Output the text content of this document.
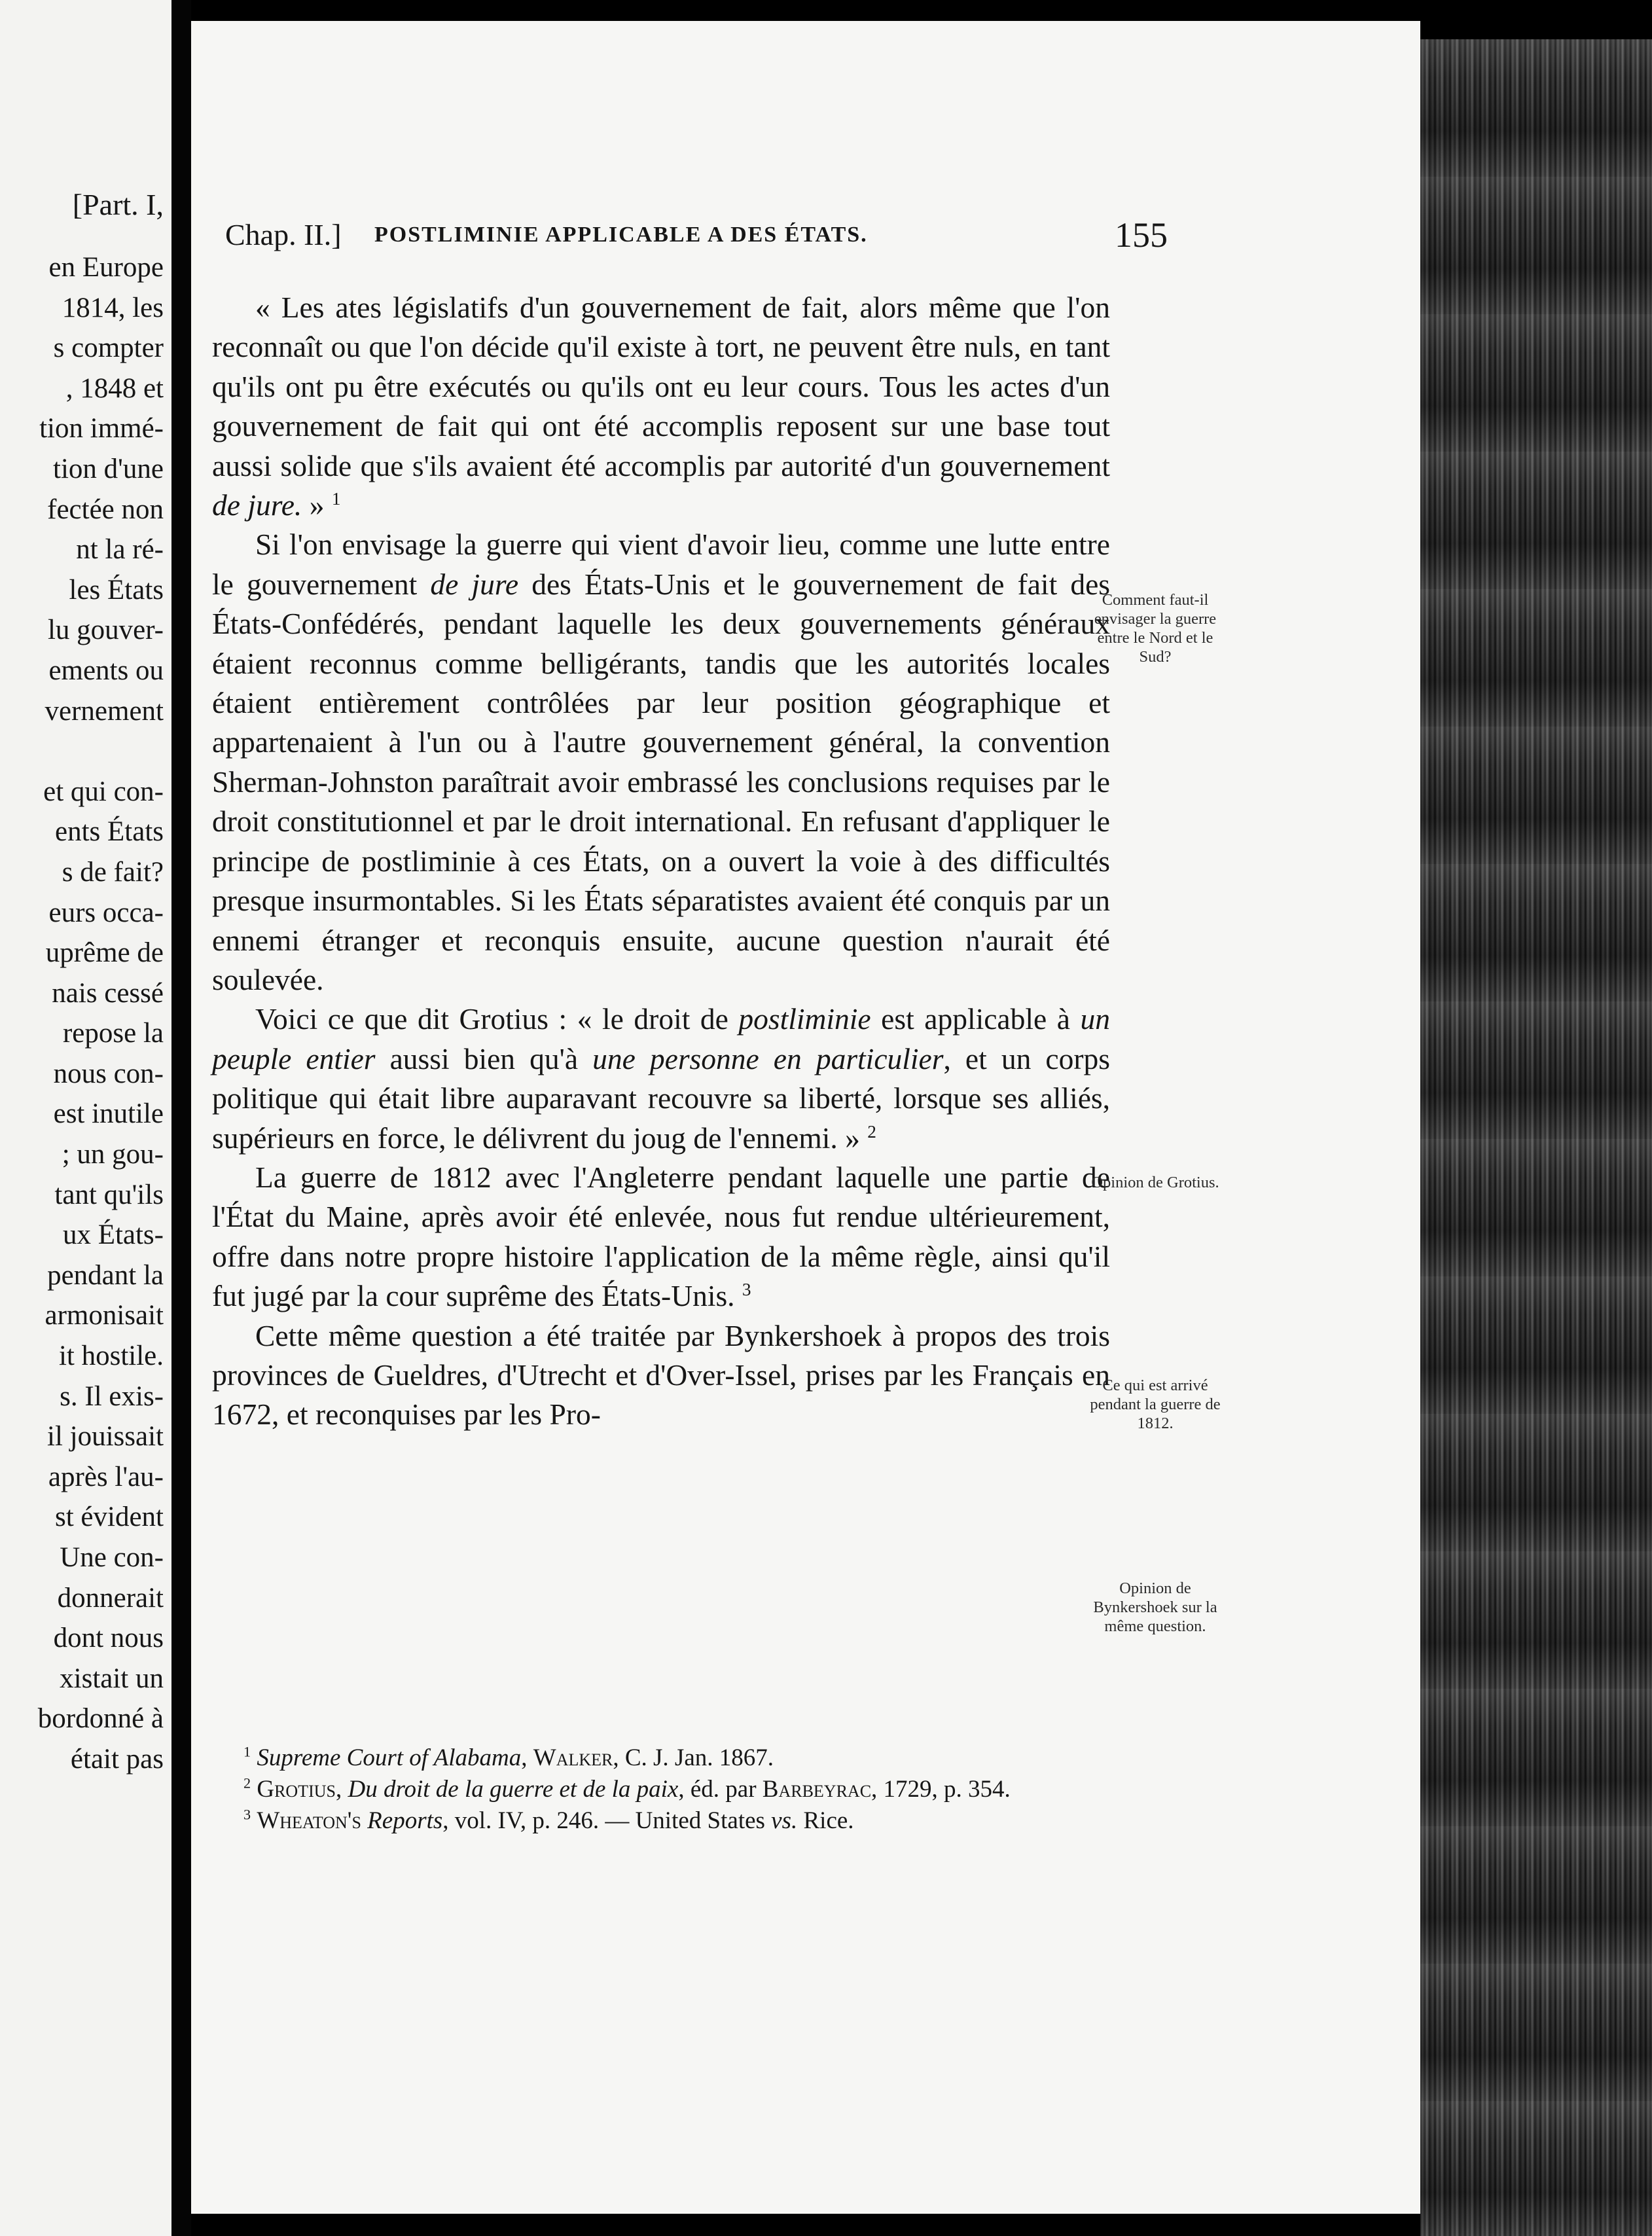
[Part. I,
en Europe
1814, les
s compter
, 1848 et
tion immé-
tion d'une
fectée non
nt la ré-
les États
lu gouver-
ements ou
vernement
et qui con-
ents États
s de fait?
eurs occa-
uprême de
nais cessé
repose la
nous con-
est inutile
; un gou-
tant qu'ils
ux États-
pendant la
armonisait
it hostile.
s. Il exis-
il jouissait
après l'au-
st évident
Une con-
donnerait
dont nous
xistait un
bordonné à
était pas
Chap. II.] POSTLIMINIE APPLICABLE A DES ÉTATS.	155

« Les ates législatifs d'un gouvernement de fait, alors même que l'on reconnaît ou que l'on décide qu'il existe à tort, ne peuvent être nuls, en tant qu'ils ont pu être exécutés ou qu'ils ont eu leur cours. Tous les actes d'un gouvernement de fait qui ont été accomplis reposent sur une base tout aussi solide que s'ils avaient été accomplis par autorité d'un gouvernement de jure. » $^1$

Si l'on envisage la guerre qui vient d'avoir lieu, comme une lutte entre le gouvernement de jure des États-Unis et le gouvernement de fait des États-Confédérés, pendant laquelle les deux gouvernements généraux étaient reconnus comme belligérants, tandis que les autorités locales étaient entièrement contrôlées par leur position géographique et appartenaient à l'un ou à l'autre gouvernement général, la convention Sherman-Johnston paraîtrait avoir embrassé les conclusions requises par le droit constitutionnel et par le droit international. En refusant d'appliquer le principe de postliminie à ces États, on a ouvert la voie à des difficultés presque insurmontables. Si les États séparatistes avaient été conquis par un ennemi étranger et reconquis ensuite, aucune question n'aurait été soulevée.

Voici ce que dit Grotius : « le droit de postliminie est applicable à un peuple entier aussi bien qu'à une personne en particulier, et un corps politique qui était libre auparavant recouvre sa liberté, lorsque ses alliés, supérieurs en force, le délivrent du joug de l'ennemi. » $^2$

La guerre de 1812 avec l'Angleterre pendant laquelle une partie de l'État du Maine, après avoir été enlevée, nous fut rendue ultérieurement, offre dans notre propre histoire l'application de la même règle, ainsi qu'il fut jugé par la cour suprême des États-Unis. $^3$

Cette même question a été traitée par Bynkershoek à propos des trois provinces de Gueldres, d'Utrecht et d'Over-Issel, prises par les Français en 1672, et reconquises par les Pro-

Comment faut-il envisager la guerre entre le Nord et le Sud?
Opinion de Grotius.
Ce qui est arrivé pendant la guerre de 1812.
Opinion de Bynkershoek sur la même question.

$^1$ Supreme Court of Alabama, Walker, C. J. Jan. 1867.

$^2$ Grotius, Du droit de la guerre et de la paix, éd. par Barbeyrac, 1729, p. 354.

$^3$ Wheaton's Reports, vol. IV, p. 246. — United States vs. Rice.
